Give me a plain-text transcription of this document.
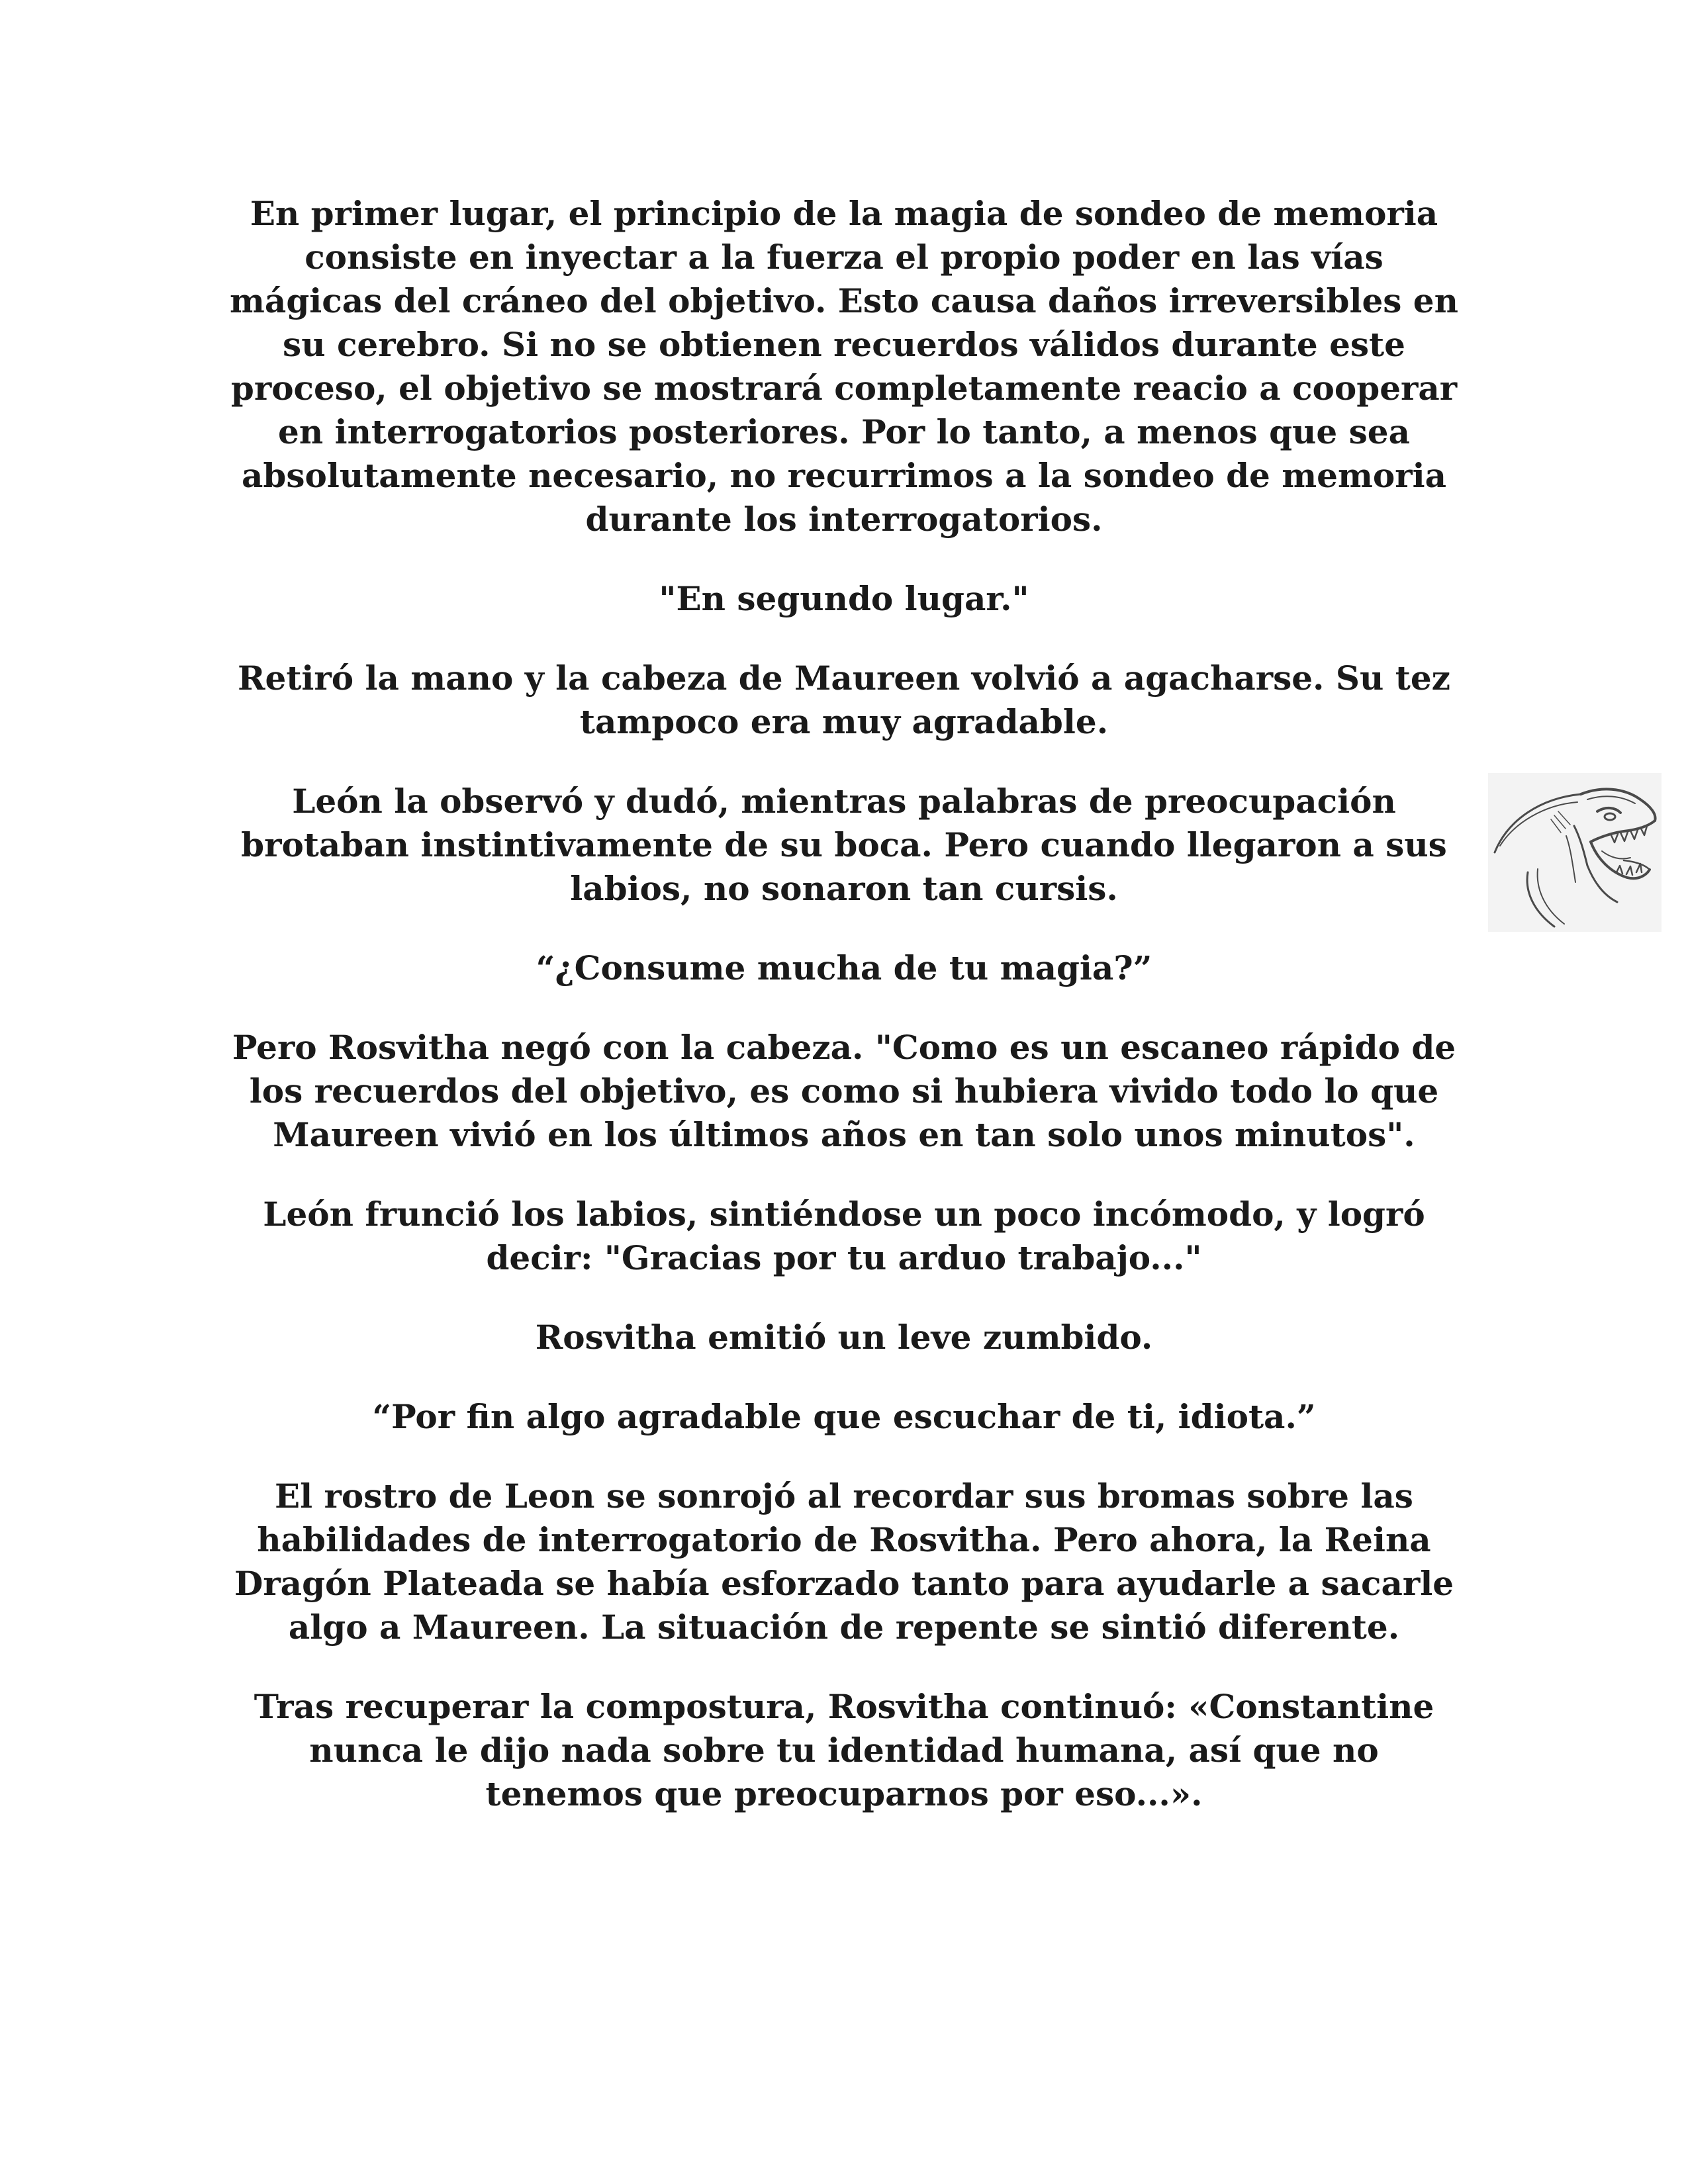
En primer lugar, el principio de la magia de sondeo de memoria consiste en inyectar a la fuerza el propio poder en las vías mágicas del cráneo del objetivo. Esto causa daños irreversibles en su cerebro. Si no se obtienen recuerdos válidos durante este proceso, el objetivo se mostrará completamente reacio a cooperar en interrogatorios posteriores. Por lo tanto, a menos que sea absolutamente necesario, no recurrimos a la sondeo de memoria durante los interrogatorios.

"En segundo lugar."

Retiró la mano y la cabeza de Maureen volvió a agacharse. Su tez tampoco era muy agradable.

León la observó y dudó, mientras palabras de preocupación brotaban instintivamente de su boca. Pero cuando llegaron a sus labios, no sonaron tan cursis.

“¿Consume mucha de tu magia?”

Pero Rosvitha negó con la cabeza. "Como es un escaneo rápido de los recuerdos del objetivo, es como si hubiera vivido todo lo que Maureen vivió en los últimos años en tan solo unos minutos".

León frunció los labios, sintiéndose un poco incómodo, y logró decir: "Gracias por tu arduo trabajo..."

Rosvitha emitió un leve zumbido.

“Por fin algo agradable que escuchar de ti, idiota.”

El rostro de Leon se sonrojó al recordar sus bromas sobre las habilidades de interrogatorio de Rosvitha. Pero ahora, la Reina Dragón Plateada se había esforzado tanto para ayudarle a sacarle algo a Maureen. La situación de repente se sintió diferente.

Tras recuperar la compostura, Rosvitha continuó: «Constantine nunca le dijo nada sobre tu identidad humana, así que no tenemos que preocuparnos por eso...».
